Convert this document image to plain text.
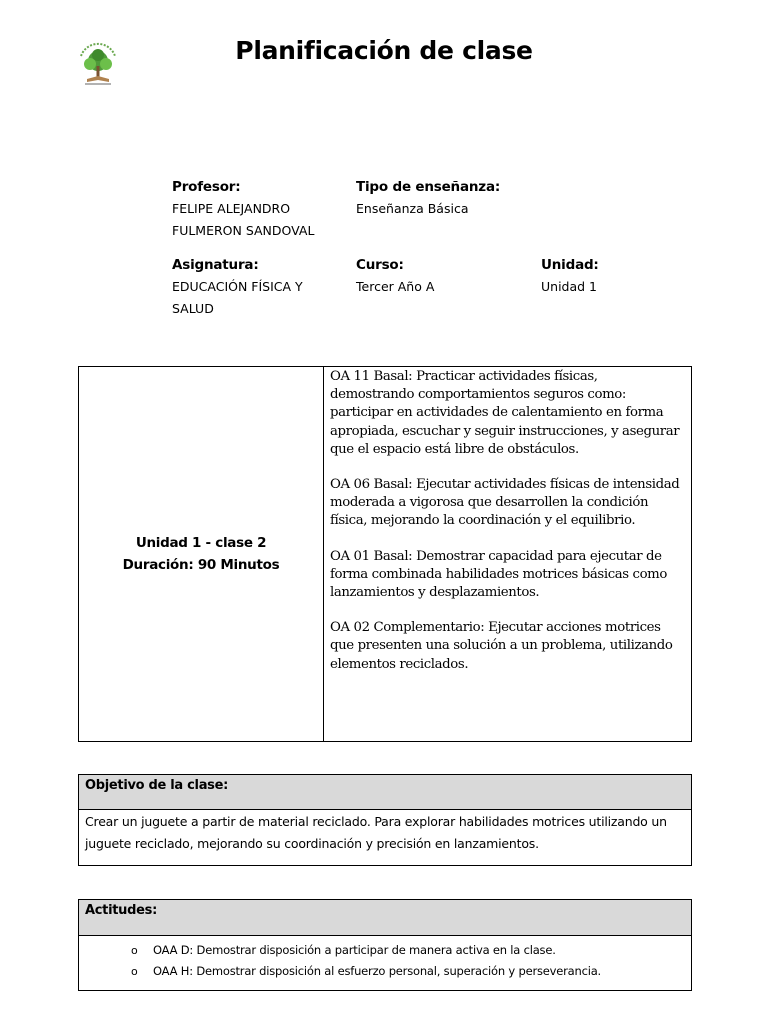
Planificación de clase
Profesor:
FELIPE ALEJANDRO
FULMERON SANDOVAL
Tipo de enseñanza:
Enseñanza Básica
Asignatura:
EDUCACIÓN FÍSICA Y
SALUD
Curso:
Tercer Año A
Unidad:
Unidad 1
Unidad 1 - clase 2
Duración: 90 Minutos

OA 11 Basal: Practicar actividades físicas, demostrando comportamientos seguros como: participar en actividades de calentamiento en forma apropiada, escuchar y seguir instrucciones, y asegurar que el espacio está libre de obstáculos.

OA 06 Basal: Ejecutar actividades físicas de intensidad moderada a vigorosa que desarrollen la condición física, mejorando la coordinación y el equilibrio.

OA 01 Basal: Demostrar capacidad para ejecutar de forma combinada habilidades motrices básicas como lanzamientos y desplazamientos.

OA 02 Complementario: Ejecutar acciones motrices que presenten una solución a un problema, utilizando elementos reciclados.

Objetivo de la clase:
Crear un juguete a partir de material reciclado. Para explorar habilidades motrices utilizando un juguete reciclado, mejorando su coordinación y precisión en lanzamientos.
Actitudes:
o OAA D: Demostrar disposición a participar de manera activa en la clase.
o OAA H: Demostrar disposición al esfuerzo personal, superación y perseverancia.
